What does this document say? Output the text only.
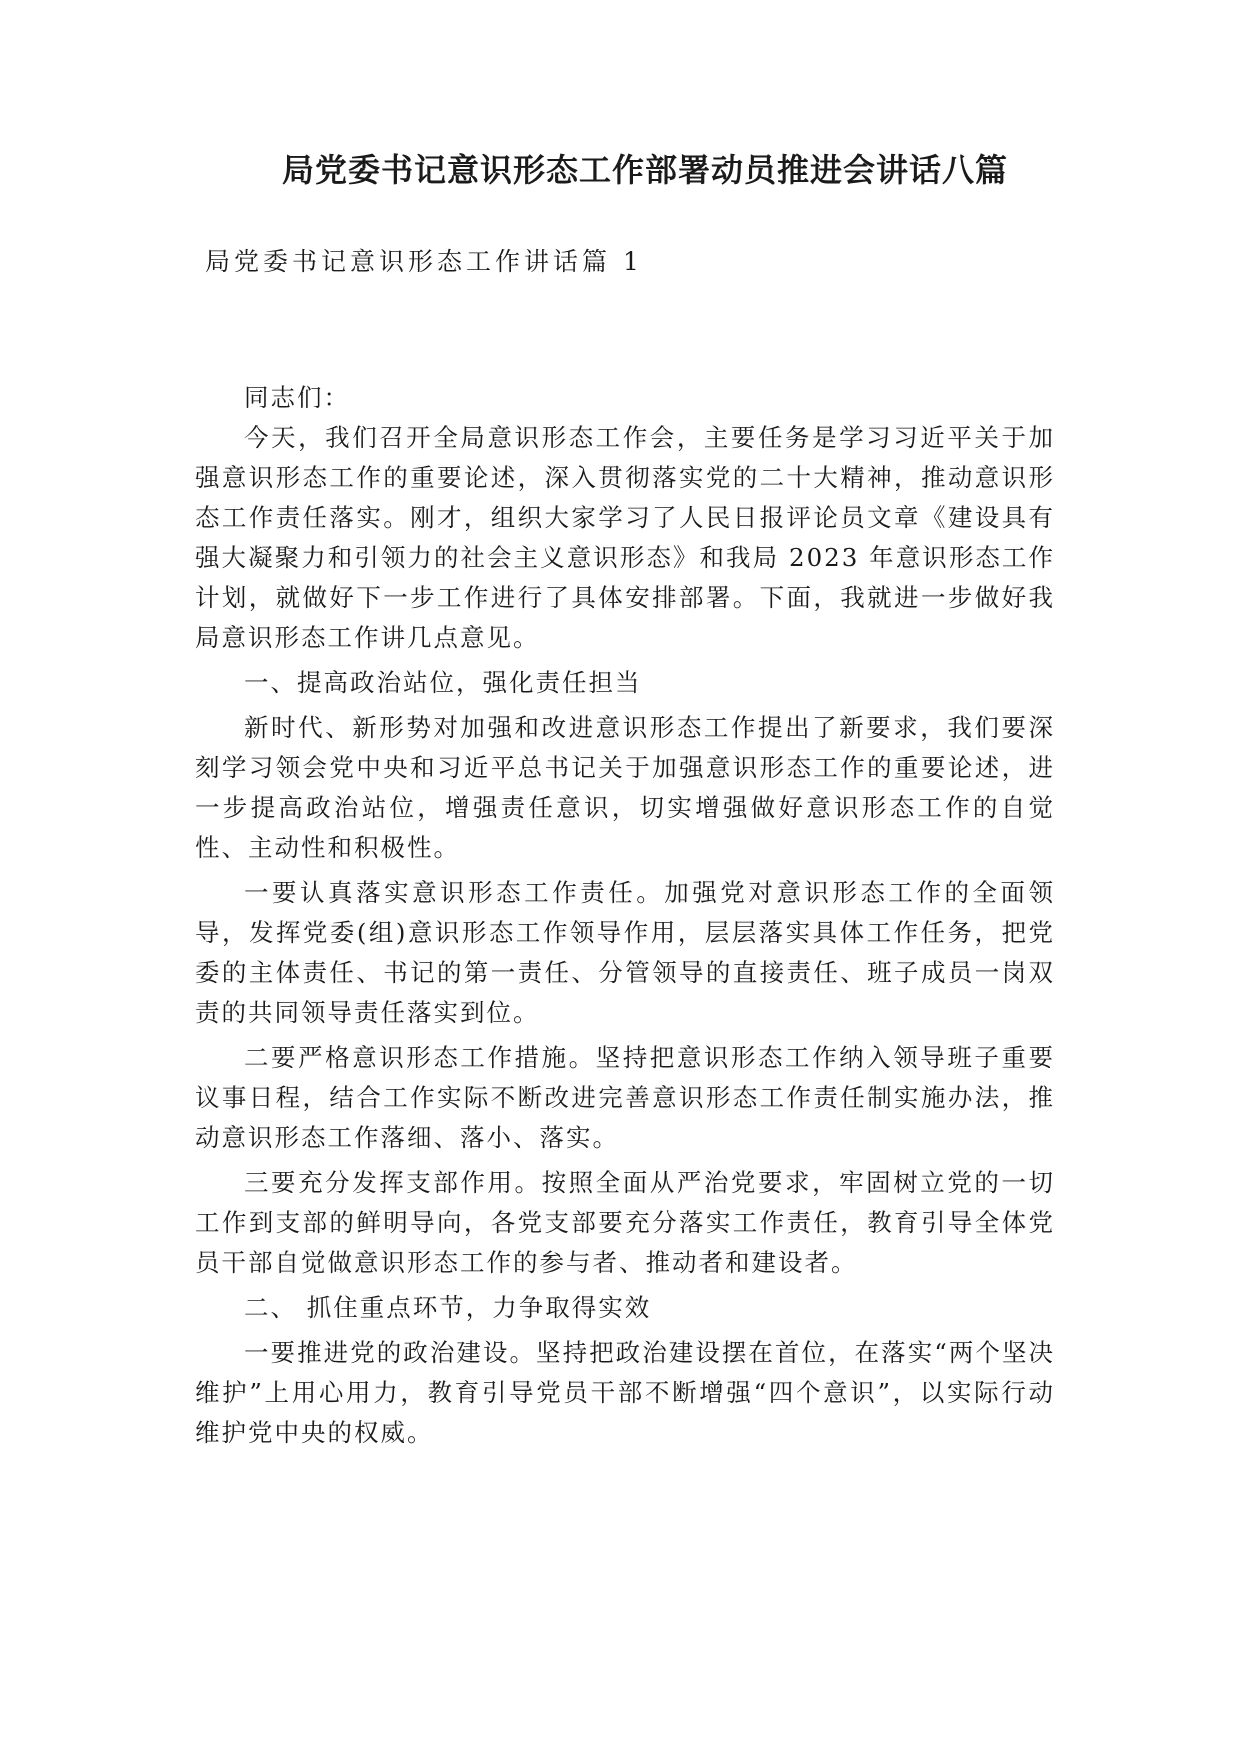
局党委书记意识形态工作部署动员推进会讲话八篇
局党委书记意识形态工作讲话篇 1

同志们：

今天，我们召开全局意识形态工作会，主要任务是学习习近平关于加强意识形态工作的重要论述，深入贯彻落实党的二十大精神，推动意识形态工作责任落实。刚才，组织大家学习了人民日报评论员文章《建设具有强大凝聚力和引领力的社会主义意识形态》和我局 2023 年意识形态工作计划，就做好下一步工作进行了具体安排部署。下面，我就进一步做好我局意识形态工作讲几点意见。

一、提高政治站位，强化责任担当

新时代、新形势对加强和改进意识形态工作提出了新要求，我们要深刻学习领会党中央和习近平总书记关于加强意识形态工作的重要论述，进一步提高政治站位，增强责任意识，切实增强做好意识形态工作的自觉性、主动性和积极性。

一要认真落实意识形态工作责任。加强党对意识形态工作的全面领导，发挥党委(组)意识形态工作领导作用，层层落实具体工作任务，把党委的主体责任、书记的第一责任、分管领导的直接责任、班子成员一岗双责的共同领导责任落实到位。

二要严格意识形态工作措施。坚持把意识形态工作纳入领导班子重要议事日程，结合工作实际不断改进完善意识形态工作责任制实施办法，推动意识形态工作落细、落小、落实。

三要充分发挥支部作用。按照全面从严治党要求，牢固树立党的一切工作到支部的鲜明导向，各党支部要充分落实工作责任，教育引导全体党员干部自觉做意识形态工作的参与者、推动者和建设者。

二、 抓住重点环节，力争取得实效

一要推进党的政治建设。坚持把政治建设摆在首位，在落实“两个坚决维护”上用心用力，教育引导党员干部不断增强“四个意识”，以实际行动维护党中央的权威。
